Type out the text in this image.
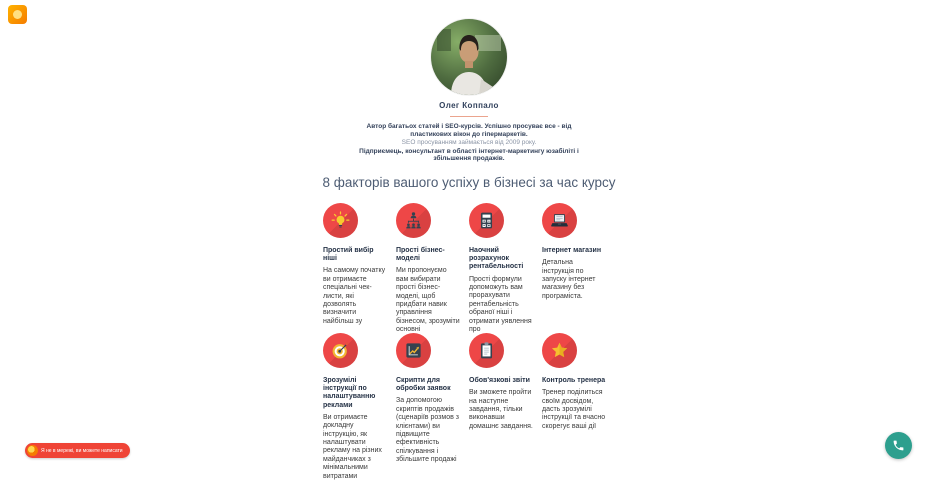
Олег Коппало
Автор багатьох статей і SEO-курсів. Успішно просуває все - від пластикових вікон до гіпермаркетів.
SEO просуванням займається від 2009 року.
Підприємець, консультант в області інтернет-маркетингу юзабіліті і збільшення продажів.
8 факторів вашого успіху в бізнесі за час курсу
Простий вибір ніші

На самому початку ви отримаєте спеціальні чек-листи, які дозволять визначити найбільш зу

Прості бізнес-моделі

Ми пропонуємо вам вибирати прості бізнес-моделі, щоб придбати навик управління бізнесом, зрозуміти основні

Наочний розрахунок рентабельності

Прості формули допоможуть вам прорахувати рентабельність обраної ніші і отримати уявлення про

Інтернет магазин

Детальна інструкція по запуску інтернет магазину без програміста.

Зрозумілі інструкції по налаштуванню реклами

Ви отримаєте докладну інструкцію, як налаштувати рекламу на різних майданчиках з мінімальними витратами

Скрипти для обробки заявок

За допомогою скриптів продажів (сценаріїв розмов з клієнтами) ви підвищите ефективність спілкування і збільшите продажі

Обов'язкові звіти

Ви зможете пройти на наступне завдання, тільки виконавши домашнє завдання.

Контроль тренера

Тренер поділиться своїм досвідом, дасть зрозумілі інструкції та вчасно скорегує ваші дії

Я не в мережі, ви можете написати
